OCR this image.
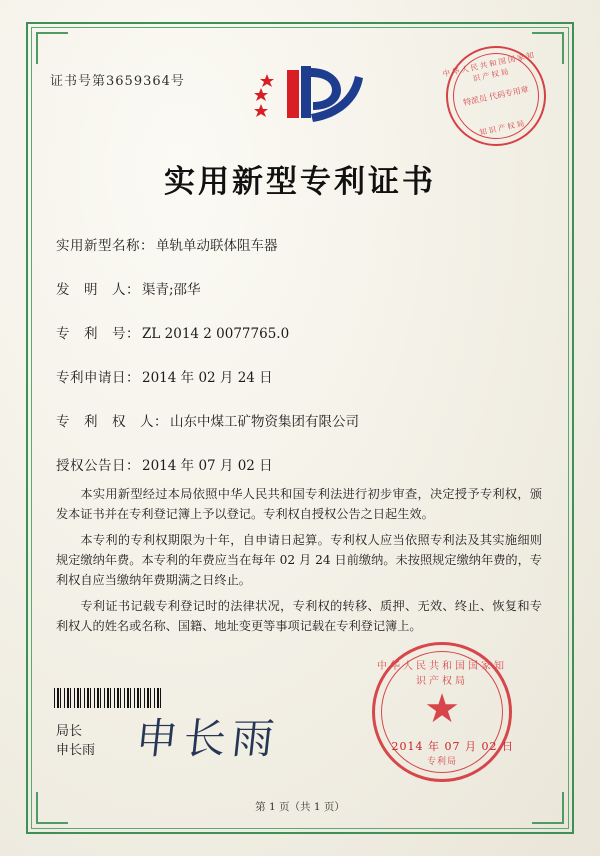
证书号第3659364号
中华人民共和国国家知识产权局
特派员 代码专用章
知识产权局
实用新型专利证书
实用新型名称： 单轨单动联体阻车器
发　明　人： 渠青;邵华
专　利　号： ZL 2014 2 0077765.0
专利申请日： 2014 年 02 月 24 日
专　利　权　人： 山东中煤工矿物资集团有限公司
授权公告日： 2014 年 07 月 02 日

本实用新型经过本局依照中华人民共和国专利法进行初步审查，决定授予专利权，颁发本证书并在专利登记簿上予以登记。专利权自授权公告之日起生效。

本专利的专利权期限为十年，自申请日起算。专利权人应当依照专利法及其实施细则规定缴纳年费。本专利的年费应当在每年 02 月 24 日前缴纳。未按照规定缴纳年费的，专利权自应当缴纳年费期满之日终止。

专利证书记载专利登记时的法律状况，专利权的转移、质押、无效、终止、恢复和专利权人的姓名或名称、国籍、地址变更等事项记载在专利登记簿上。

局长
申长雨 申长雨
中华人民共和国国家知识产权局
★
专利局
2014 年 07 月 02 日
第 1 页（共 1 页）
